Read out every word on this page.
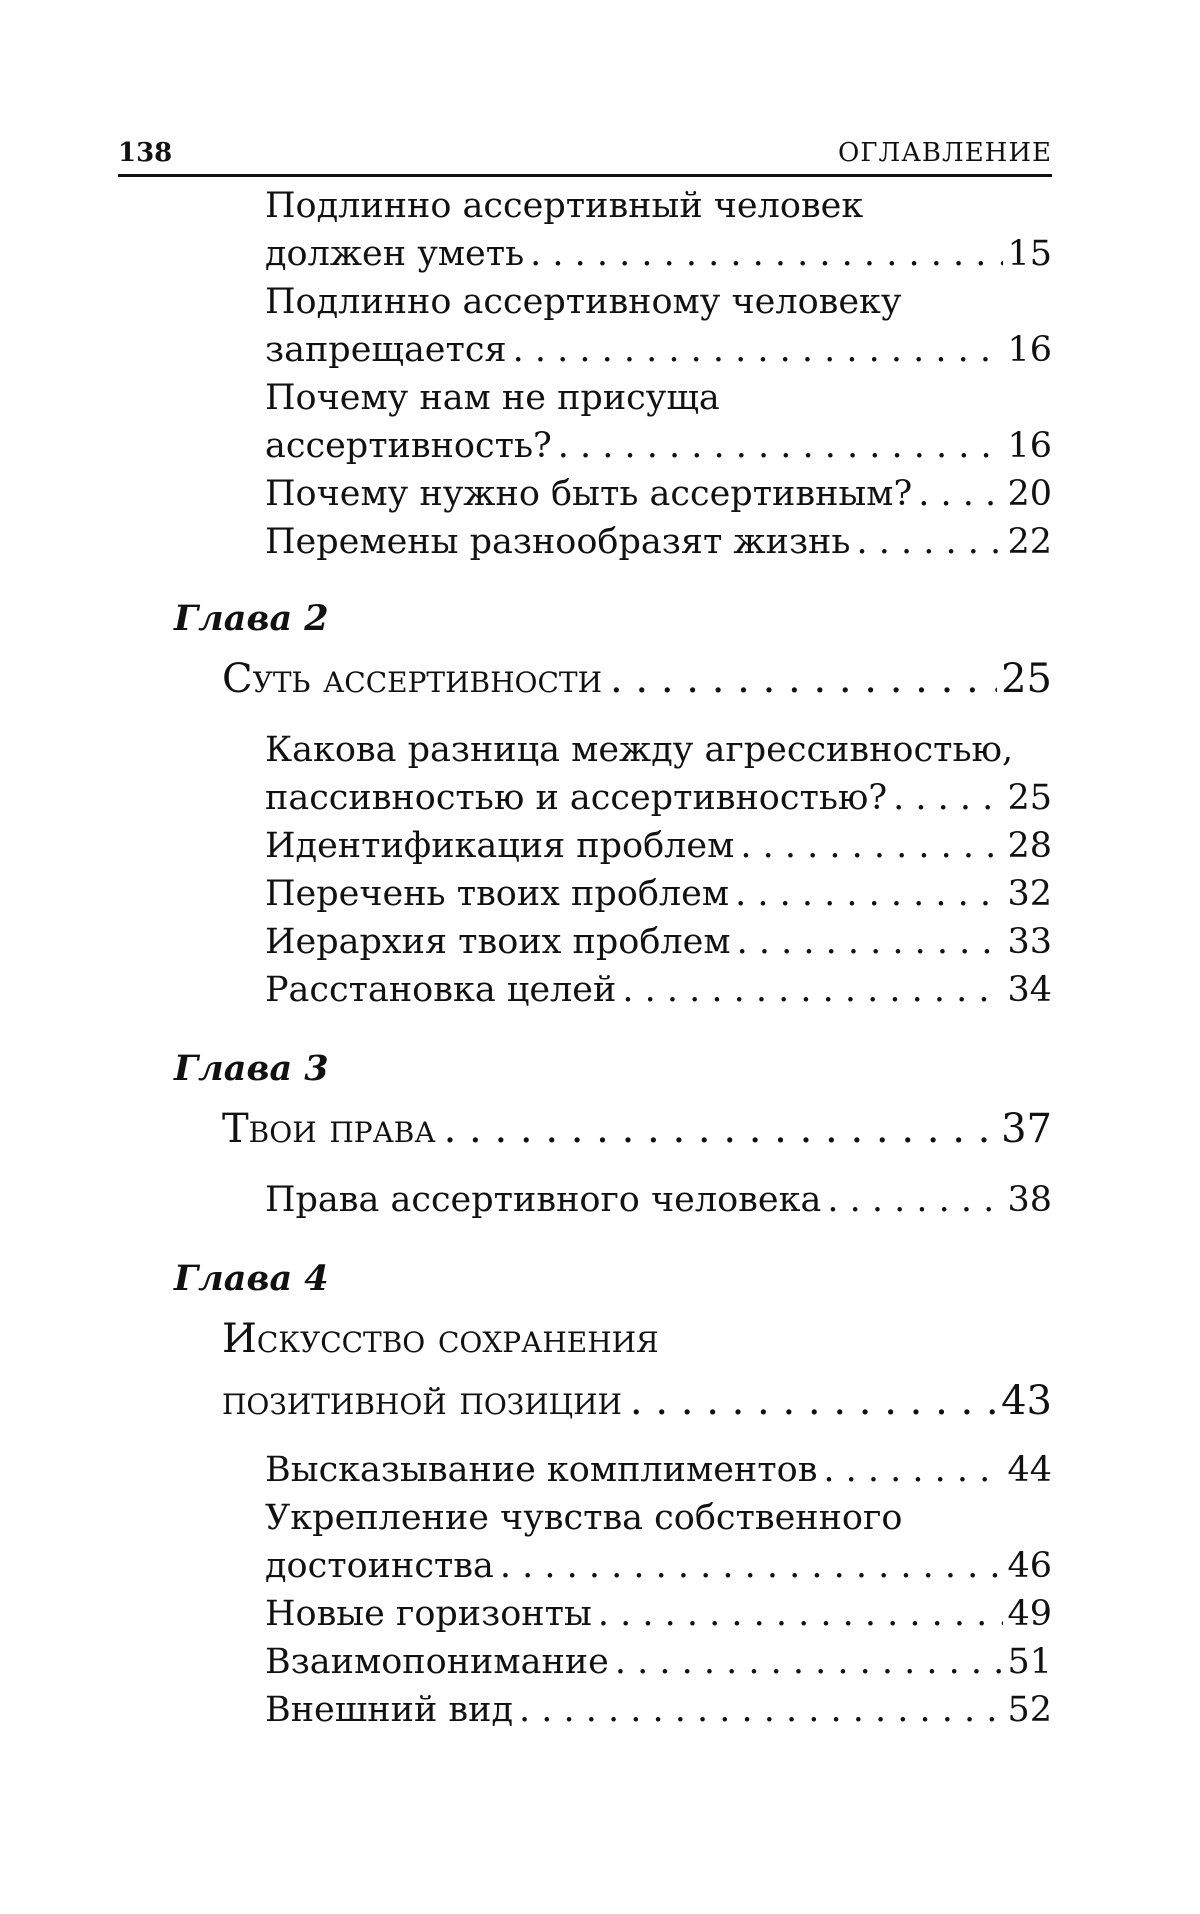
138	ОГЛАВЛЕНИЕ
Подлинно ассертивный человек
должен уметь
. . .	15
Подлинно ассертивному человеку
запрещается
. . .	16
Почему нам не присуща
ассертивность?
. . .	16
Почему нужно быть ассертивным?
. . .	20
Перемены разнообразят жизнь
. . .	22
Глава 2
Суть ассертивности
. . .	25
Какова разница между агрессивностью,
пассивностью и ассертивностью?
. . .	25
Идентификация проблем
. . .	28
Перечень твоих проблем
. . .	32
Иерархия твоих проблем
. . .	33
Расстановка целей
. . .	34
Глава 3
Твои права
. . .	37
Права ассертивного человека
. . .	38
Глава 4
Искусство сохранения
позитивной позиции
. . .	43
Высказывание комплиментов
. . .	44
Укрепление чувства собственного
достоинства
. . .	46
Новые горизонты
. . .	49
Взаимопонимание
. . .	51
Внешний вид
. . .	52
